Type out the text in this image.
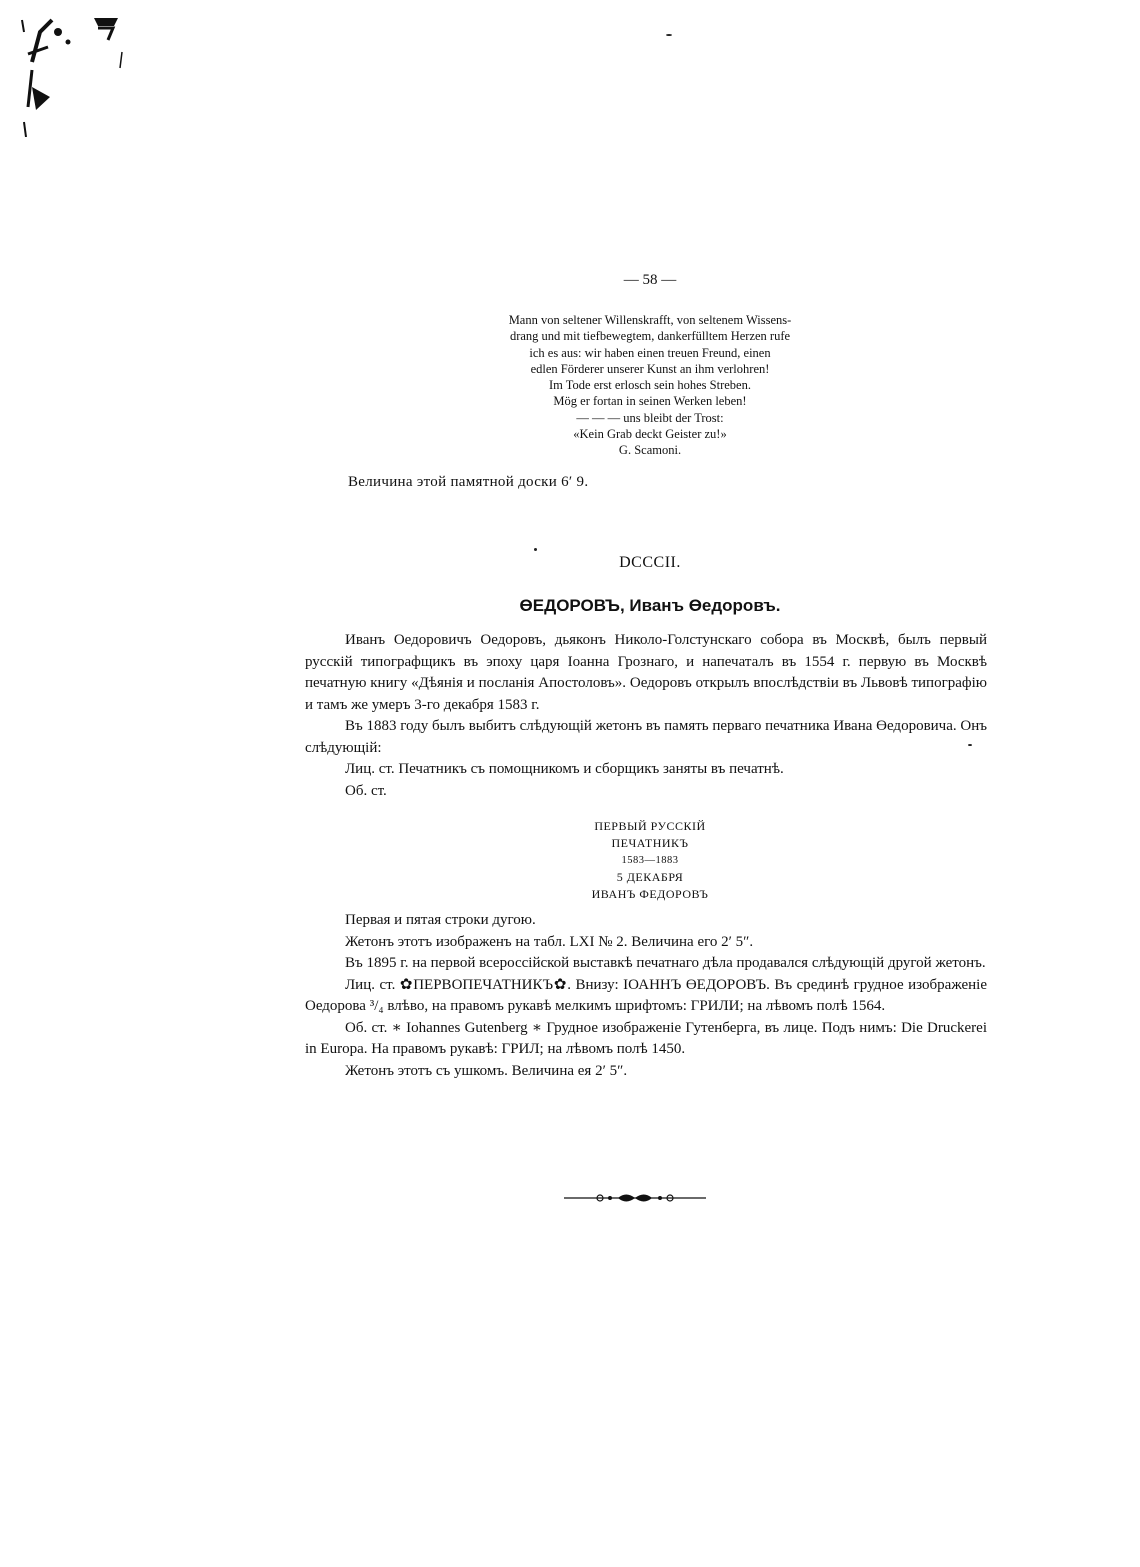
— 58 —
Mann von seltener Willenskrafft, von seltenem Wissens-
drang und mit tiefbewegtem, dankerfülltem Herzen rufe
ich es aus: wir haben einen treuen Freund, einen
edlen Förderer unserer Kunst an ihm verlohren!
Im Tode erst erlosch sein hohes Streben.
Mög er fortan in seinen Werken leben!
— — — uns bleibt der Trost:
«Kein Grab deckt Geister zu!»
G. Scamoni.
Величина этой памятной доски 6′ 9.
DCCCII.
ӨЕДОРОВЪ, Иванъ Өедоровъ.

Иванъ Оедоровичъ Оедоровъ, дьяконъ Николо-Голстунскаго собора въ Москвѣ, былъ первый русскій типографщикъ въ эпоху царя Іоанна Грознаго, и напечаталъ въ 1554 г. первую въ Москвѣ печатную книгу «Дѣянія и посланія Апостоловъ». Оедоровъ открылъ впослѣдствіи въ Львовѣ типографію и тамъ же умеръ 3-го декабря 1583 г.

Въ 1883 году былъ выбитъ слѣдующій жетонъ въ память перваго печатника Ивана Өедоровича. Онъ слѣдующій:

Лиц. ст. Печатникъ съ помощникомъ и сборщикъ заняты въ печатнѣ.

Об. ст.

ПЕРВЫЙ РУССКІЙ
ПЕЧАТНИКЪ
1583—1883
5 ДЕКАБРЯ
ИВАНЪ ФЕДОРОВЪ

Первая и пятая строки дугою.

Жетонъ этотъ изображенъ на табл. LXI № 2. Величина его 2′ 5″.

Въ 1895 г. на первой всероссійской выставкѣ печатнаго дѣла продавался слѣдующій другой жетонъ.

Лиц. ст. ✿ПЕРВОПЕЧАТНИКЪ✿. Внизу: ІОАННЪ ӨЕДОРОВЪ. Въ срединѣ грудное изображеніе Оедорова ³/₄ влѣво, на правомъ рукавѣ мелкимъ шрифтомъ: ГРИЛИ; на лѣвомъ полѣ 1564.

Об. ст. ∗ Iohannes Gutenberg ∗ Грудное изображеніе Гутенберга, въ лице. Подъ нимъ: Die Druckerei in Europa. На правомъ рукавѣ: ГРИЛ; на лѣвомъ полѣ 1450.

Жетонъ этотъ съ ушкомъ. Величина ея 2′ 5″.
